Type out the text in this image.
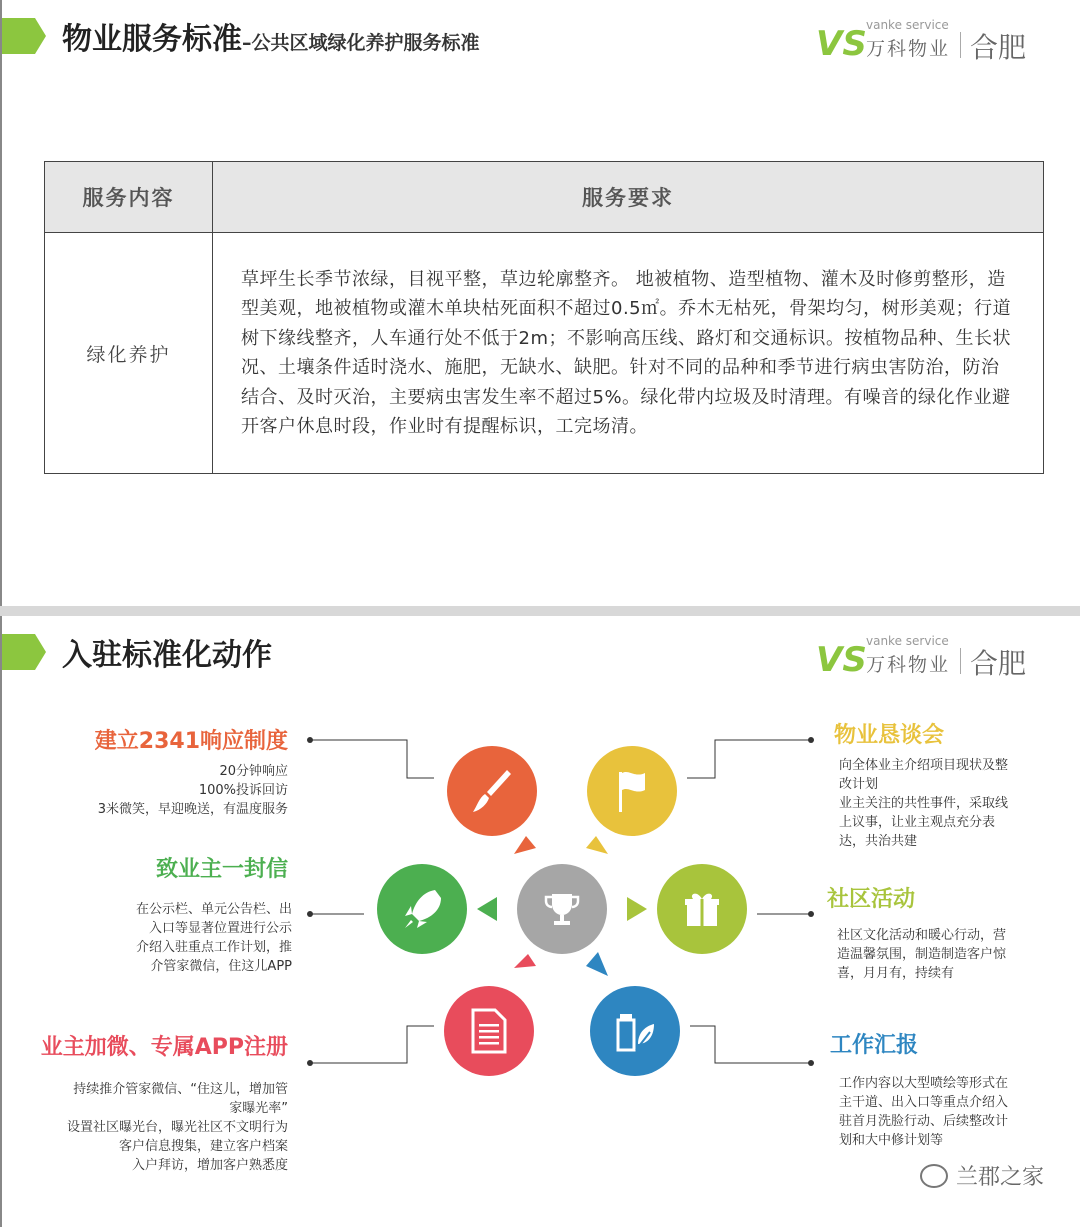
物业服务标准–公共区域绿化养护服务标准	VS vanke service
万科物业 合肥
服务内容	服务要求
绿化养护	草坪生长季节浓绿，目视平整，草边轮廓整齐。 地被植物、造型植物、灌木及时修剪整形，造型美观，地被植物或灌木单块枯死面积不超过0.5㎡。乔木无枯死，骨架均匀，树形美观；行道树下缘线整齐，人车通行处不低于2m；不影响高压线、路灯和交通标识。按植物品种、生长状况、土壤条件适时浇水、施肥，无缺水、缺肥。针对不同的品种和季节进行病虫害防治，防治结合、及时灭治，主要病虫害发生率不超过5%。绿化带内垃圾及时清理。有噪音的绿化作业避开客户休息时段，作业时有提醒标识，工完场清。
入驻标准化动作	VS vanke service
万科物业 合肥
建立2341响应制度
20分钟响应
100%投诉回访
3米微笑，早迎晚送，有温度服务
致业主一封信
在公示栏、单元公告栏、出
入口等显著位置进行公示
介绍入驻重点工作计划，推
介管家微信，住这儿APP
业主加微、专属APP注册
持续推介管家微信、“住这儿，增加管
家曝光率”
设置社区曝光台，曝光社区不文明行为
客户信息搜集，建立客户档案
入户拜访，增加客户熟悉度
物业恳谈会
向全体业主介绍项目现状及整
改计划
业主关注的共性事件，采取线
上议事，让业主观点充分表
达，共治共建
社区活动
社区文化活动和暖心行动，营
造温馨氛围，制造制造客户惊
喜，月月有，持续有
工作汇报
工作内容以大型喷绘等形式在
主干道、出入口等重点介绍入
驻首月洗脸行动、后续整改计
划和大中修计划等
兰郡之家
